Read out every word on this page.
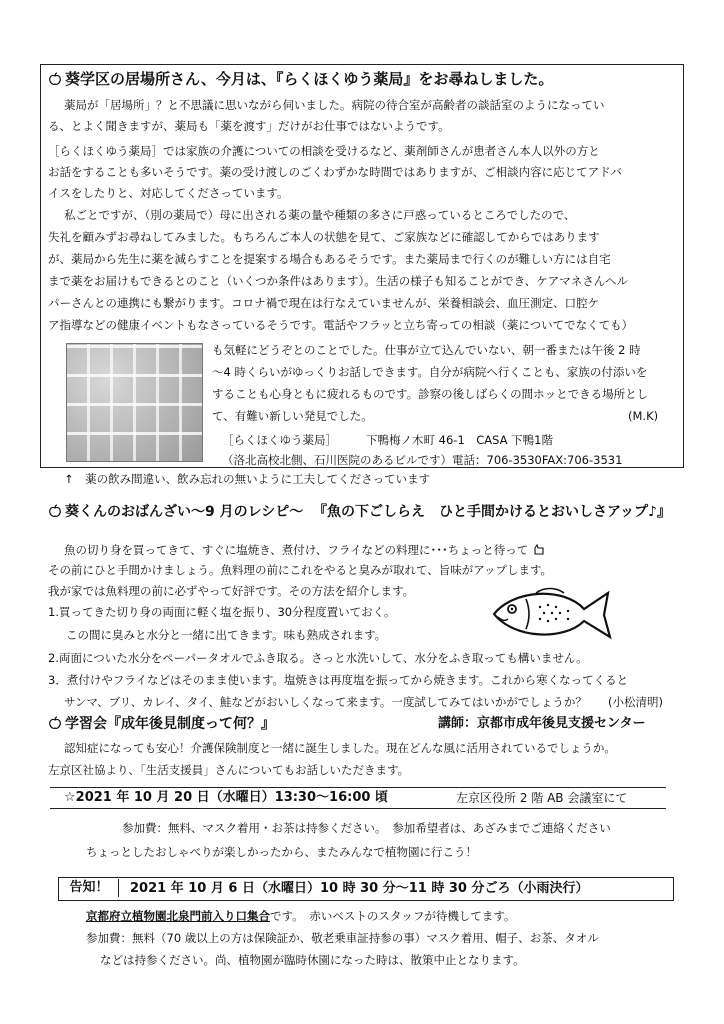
葵学区の居場所さん、今月は、『らくほくゆう薬局』をお尋ねしました。
薬局が「居場所」？と不思議に思いながら伺いました。病院の待合室が高齢者の談話室のようになってい
る、とよく聞きますが、薬局も「薬を渡す」だけがお仕事ではないようです。
［らくほくゆう薬局］では家族の介護についての相談を受けるなど、薬剤師さんが患者さん本人以外の方と
お話をすることも多いそうです。薬の受け渡しのごくわずかな時間ではありますが、ご相談内容に応じてアドバ
イスをしたりと、対応してくださっています。
私ごとですが、（別の薬局で）母に出される薬の量や種類の多さに戸惑っているところでしたので、
失礼を顧みずお尋ねしてみました。もちろんご本人の状態を見て、ご家族などに確認してからではあります
が、薬局から先生に薬を減らすことを提案する場合もあるそうです。また薬局まで行くのが難しい方には自宅
まで薬をお届けもできるとのこと（いくつか条件はあります）。生活の様子も知ることができ、ケアマネさんヘル
パーさんとの連携にも繋がります。コロナ禍で現在は行なえていませんが、栄養相談会、血圧測定、口腔ケ
ア指導などの健康イベントもなさっているそうです。電話やフラッと立ち寄っての相談（薬についてでなくても）
も気軽にどうぞとのことでした。仕事が立て込んでいない、朝一番または午後 2 時
～4 時くらいがゆっくりお話しできます。自分が病院へ行くことも、家族の付添いを
することも心身ともに疲れるものです。診察の後しばらくの間ホッとできる場所とし
て、有難い新しい発見でした。	(M.K)
［らくほくゆう薬局］	下鴨梅ノ木町 46-1　CASA 下鴨1階
（洛北高校北側、石川医院のあるビルです）電話：706-3530FAX:706-3531
↑　薬の飲み間違い、飲み忘れの無いように工夫してくださっています
葵くんのおばんざい～9 月のレシピ～ 『魚の下ごしらえ　ひと手間かけるとおいしさアップ♪』
魚の切り身を買ってきて、すぐに塩焼き、煮付け、フライなどの料理に･･･ちょっと待って
その前にひと手間かけましょう。魚料理の前にこれをやると臭みが取れて、旨味がアップします。
我が家では魚料理の前に必ずやって好評です。その方法を紹介します。
1.買ってきた切り身の両面に軽く塩を振り、30分程度置いておく。
この間に臭みと水分と一緒に出てきます。味も熟成されます。
2.両面についた水分をペーパータオルでふき取る。さっと水洗いして、水分をふき取っても構いません。
3．煮付けやフライなどはそのまま使います。塩焼きは再度塩を振ってから焼きます。これから寒くなってくると
サンマ、ブリ、カレイ、タイ、鮭などがおいしくなって来ます。一度試してみてはいかがでしょうか？ (小松清明)
学習会『成年後見制度って何？』	講師：京都市成年後見支援センター
認知症になっても安心！介護保険制度と一緒に誕生しました。現在どんな風に活用されているでしょうか。
左京区社協より、「生活支援員」さんについてもお話しいただきます。
☆2021 年 10 月 20 日（水曜日）13:30～16:00 頃	左京区役所 2 階 AB 会議室にて
参加費：無料、マスク着用・お茶は持参ください。　参加希望者は、あざみまでご連絡ください
ちょっとしたおしゃべりが楽しかったから、またみんなで植物園に行こう！
告知！	2021 年 10 月 6 日（水曜日）10 時 30 分～11 時 30 分ごろ（小雨決行）
京都府立植物園北泉門前入り口集合です。　赤いベストのスタッフが待機してます。
参加費：無料（70 歳以上の方は保険証か、敬老乗車証持参の事）マスク着用、帽子、お茶、タオル
などは持参ください。尚、植物園が臨時休園になった時は、散策中止となります。
